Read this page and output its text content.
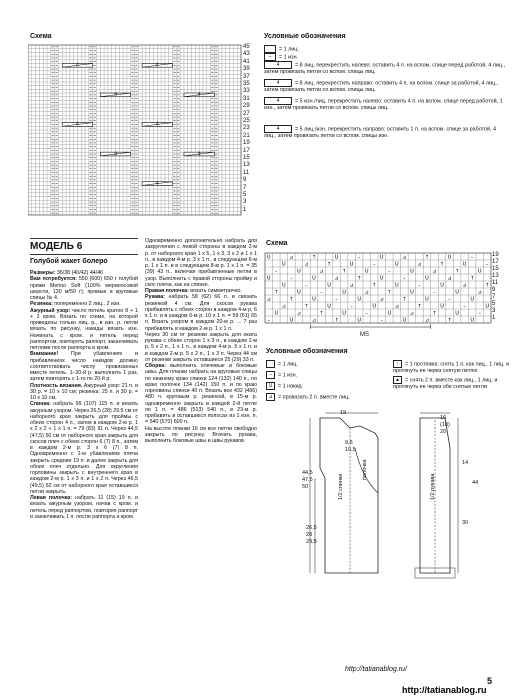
Схема
4	4
4	4
4	4
4	4
4
45
43
41
39
37
35
33
31
29
27
25
23
21
19
17
15
13
11
9
7
5
3
1
Условные обозначения
= 1 лиц.
– = 1 изн.
4	= 8 лиц. перекрестить налево: оставить 4 п. на вспом. спице перед работой, 4 лиц., затем провязать петли со вспом. спицы лиц.
4	= 8 лиц. перекрестить направо: оставить 4 п. на вспом. спице за работой, 4 лиц., затем провязать петли со вспом. спицы лиц.
4	= 5 изн./лиц. перекрестить налево: оставить 4 п. на вспом. спице перед работой, 1 изн., затем провязать петли со вспом. спицы лиц.
4	= 5 лиц./изн. перекрестить направо: оставить 1 п. на вспом. спице за работой, 4 лиц., затем провязать петли со вспом. спицы изн.
МОДЕЛЬ 6
Голубой жакет болеро

Размеры: 36/38 (40/42) 44/46

Вам потребуется: 550 (600) 650 г голубой пряжи Merino Soft (100% мериносовой шерсти, 130 м/50 г); прямые и круговые спицы № 4.

Резинка: попеременно 2 лиц., 2 изн.

Ажурный узор: число петель кратно 8 + 1 + 2 кром. Вязать по схеме, на которой приведены только лиц. р., в изн. р. петли вязать по рисунку, накиды вязать изн. Начинать с кром. и петель перед раппортом, повторять раппорт, заканчивать петлями после раппорта и кром.

Внимание! При убавлениях и прибавлениях число накидов должно соответствовать числу провязанных вместе петель. 1–20-й р. выполнить 1 раз, затем повторять с 1-го по 20-й р.

Плотность вязания. Ажурный узор: 21 п. и 30 р. = 10 х 10 см; резинка: 25 п. и 30 р. = 10 х 10 см.

Спинка: набрать 99 (107) 115 п. и вязать ажурным узором. Через 26,5 (28) 29,5 см от наборного края закрыть для проймы с обеих сторон 4 п., затем в каждом 2-м р. 1 х 2 х 2 + 1 х 1 п. = 79 (83) 91 п. Через 44,5 (47,5) 50 см от наборного края закрыть для скосов плеч с обеих сторон 6 (7) 8 п., затем в каждом 2-м р. 3 х 6 (7) 8 п. Одновременно с 1-м убавлением плеча закрыть средние 19 п. и далее закрыть для обоих плеч отдельно. Для округления горловины закрыть с внутреннего края в каждом 2-м р. 1 х 3 п. и 1 х 2 п. Через 46,5 (49,5) 52 см от наборного края оставшиеся петли закрыть.

Левая полочка: набрать 11 (15) 19 п. и вязать ажурным узором, начав с кром. и петель перед раппортом, повторяя раппорт и заканчивать 1 п. после раппорта и кром.

Одновременно дополнительно набрать для закругления с левой стороны в каждом 2-м р. от наборного края 1 х 5, 1 х 3, 3 х 2 и 1 х 1 п., в каждом 4-м р. 3 х 1 п., в следующем 6-м р. 1 х 1 п. и в следующем 8-м р. 1 х 1 п. = 35 (39) 43 п., включая прибавленные петли в узор. Выполнить с правой стороны пройму и скос плеча, как на спинке.

Правая полочка: вязать симметрично.

Рукава: набрать 58 (62) 66 п. и связать резинкой 4 см. Для скосов рукава прибавлять с обеих сторон в каждом 4-м р. 6 х 1 п. и в каждом 6-м р. 10 х 1 п. = 59 (61) 65 п. Вязать узором в каждом 20-м р. ... 7 раз прибавлять в каждом 2-м р. 1 х 1 п.

Через 30 см от резинки закрыть для оката рукава с обеих сторон 1 х 3 п., в каждом 2-м р. 5 х 2 п., 1 х 1 п., в каждом 4-м р. 5 х 1 п. и в каждом 2-м р. 5 х 2 п., 1 х 3 п. Через 44 см от резинки закрыть оставшиеся 25 (29) 33 п.

Сборка: выполнить плечевые и боковые швы. Для планки набрать на круговые спицы по нижнему краю спинки 124 (132) 140 п., по краю полочек 134 (142) 150 п. и по краю горловины спинки 40 п. Вязать все 432 (456) 480 п. круговым р. резинкой, в 15-м р. одновременно закрыть в каждой 2-й петле по 1 п. = 486 (513) 540 п., в 23-м р. прибавить в оставшихся полосах из 1 изн. п. = 540 (570) 600 п.

На высоте планки 16 см все петли свободно закрыть по рисунку. Втачать рукава, выполнить боковые швы и швы рукавов.

Схема
U	⊿	↑	U	–	U	⊿	↑	U	–
U	⊿	↑	U	–	U	⊿	↑	U	–
–	U	⊿	↑	U	–	U	⊿	↑	U
U	–	U	⊿	↑	U	–	U	⊿	↑
U	–	U	⊿	↑	U	–	U	⊿	↑
↑	U	–	U	⊿	↑	U	–	U	⊿
⊿	↑	U	–	U	⊿	↑	U	–	U
⊿	↑	U	–	U	⊿	↑	U	–	U
U	⊿	↑	U	–	U	⊿	↑	U	–
–	U	⊿	↑	U	–	U	⊿	↑	U
19
17
15
13
11
9
7
5
3
1
MS
Условные обозначения
= 1 лиц.
– = 1 изн.
U = 1 накид
⊿ = провязать 2 п. вместе лиц.
↑ = 1 протяжка: снять 1 п. как лиц., 1 лиц. и протянуть ее через снятую петлю
▲ = снять 2 п. вместе как лиц., 1 лиц. и протянуть ее через обе снятые петли
1/2 спинки
полочка
1/2 рукава
44,5
47,5
50
26,5
28
29,5
19
9,5
10,5
16
(18)
20
14
30
44
http://tatianablog.ru/
5
http://tatianablog.ru
